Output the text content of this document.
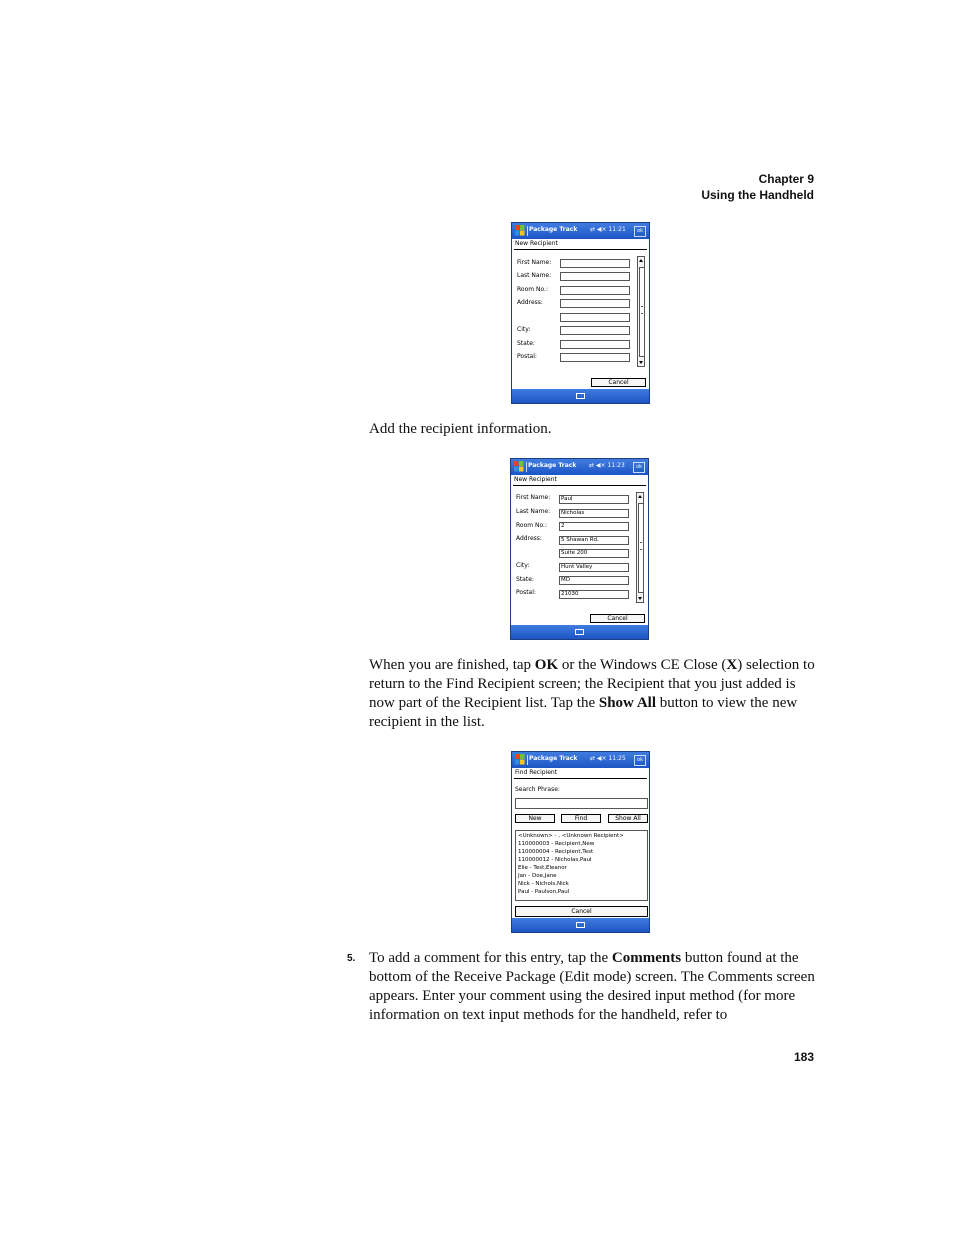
Chapter 9
Using the Handheld
Package Track ⇄ ◀× 11:21	ok
New Recipient
First Name:
Last Name:
Room No.:
Address:
City:
State:
Postal:
Cancel
Add the recipient information.
Package Track ⇄ ◀× 11:23	ok
New Recipient
First Name:	Paul
Last Name:	Nicholas
Room No.:	2
Address:	5 Shawan Rd.
Suite 200
City:	Hunt Valley
State:	MD
Postal:	21030
Cancel
When you are finished, tap OK or the Windows CE Close (X) selection to return to the Find Recipient screen; the Recipient that you just added is now part of the Recipient list. Tap the Show All button to view the new recipient in the list.
Package Track ⇄ ◀× 11:25	ok
Find Recipient
Search Phrase:
New	Find	Show All
<Unknown> - , <Unknown Recipient>
110000003 - Recipient,New
110000004 - Recipient,Test
110000012 - Nicholas,Paul
Elie - Test,Eleanor
Jan - Doe,Jane
Nick - Nichols,Nick
Paul - Paulson,Paul
Cancel
5. To add a comment for this entry, tap the Comments button found at the bottom of the Receive Package (Edit mode) screen. The Comments screen appears. Enter your comment using the desired input method (for more information on text input methods for the handheld, refer to
183
